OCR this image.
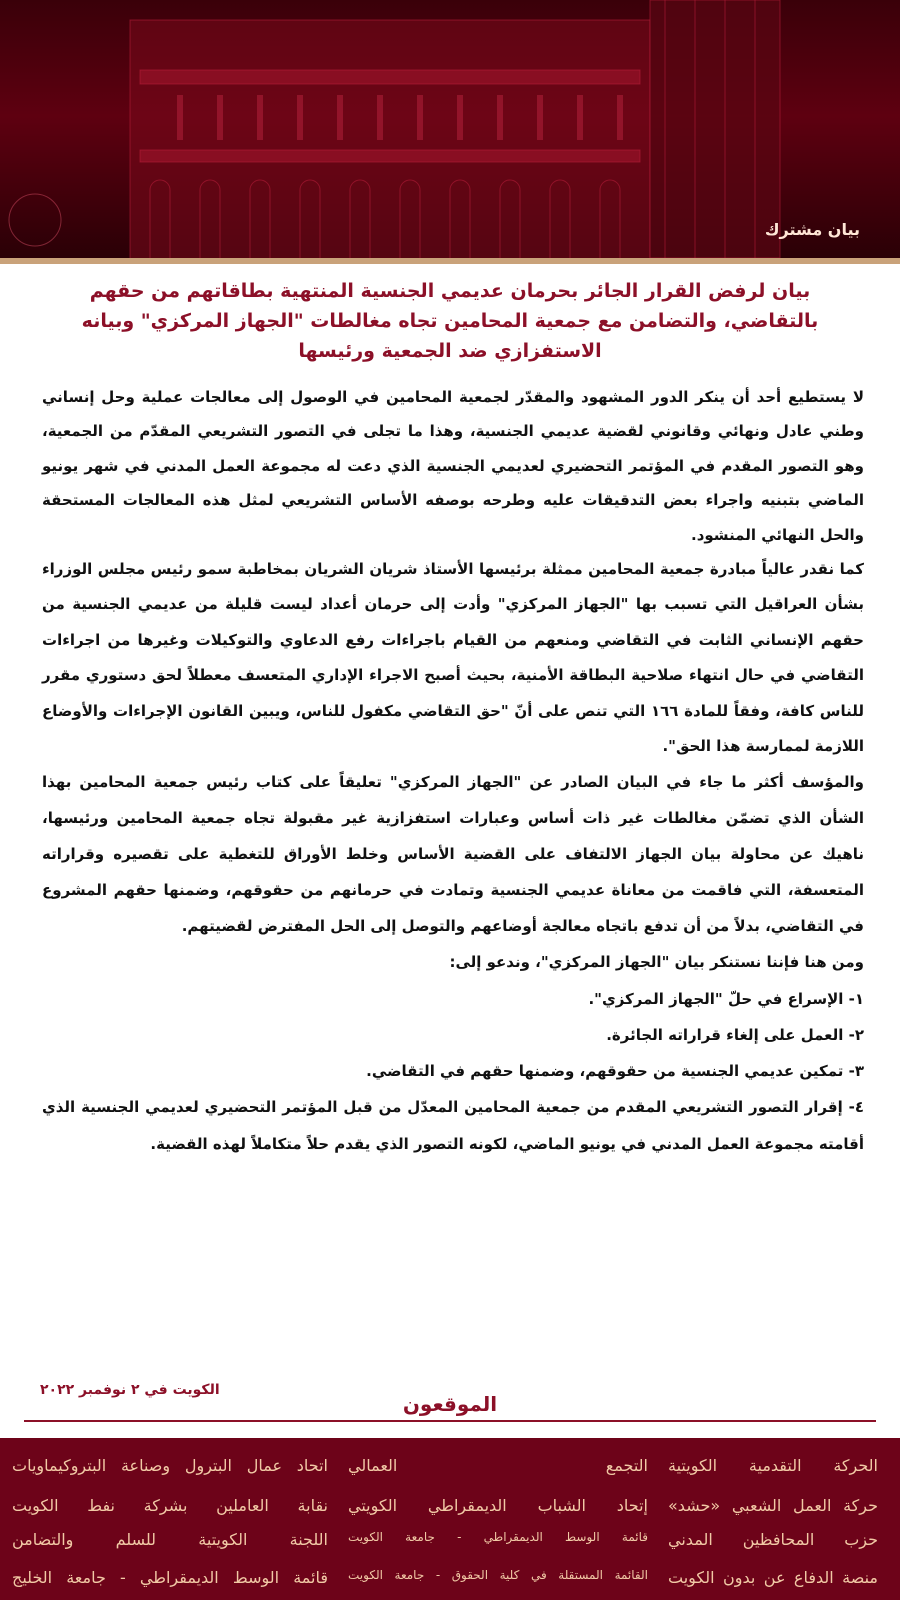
بيان مشترك
بيان لرفض القرار الجائر بحرمان عديمي الجنسية المنتهية بطاقاتهم من حقهم بالتقاضي، والتضامن مع جمعية المحامين تجاه مغالطات "الجهاز المركزي" وبيانه الاستفزازي ضد الجمعية ورئيسها

لا يستطيع أحد أن ينكر الدور المشهود والمقدّر لجمعية المحامين في الوصول إلى معالجات عملية وحل إنساني وطني عادل ونهائي وقانوني لقضية عديمي الجنسية، وهذا ما تجلى في التصور التشريعي المقدّم من الجمعية، وهو التصور المقدم في المؤتمر التحضيري لعديمي الجنسية الذي دعت له مجموعة العمل المدني في شهر يونيو الماضي بتبنيه واجراء بعض التدقيقات عليه وطرحه بوصفه الأساس التشريعي لمثل هذه المعالجات المستحقة والحل النهائي المنشود.

كما نقدر عالياً مبادرة جمعية المحامين ممثلة برئيسها الأستاذ شريان الشريان بمخاطبة سمو رئيس مجلس الوزراء بشأن العراقيل التي تسبب بها "الجهاز المركزي" وأدت إلى حرمان أعداد ليست قليلة من عديمي الجنسية من حقهم الإنساني الثابت في التقاضي ومنعهم من القيام باجراءات رفع الدعاوي والتوكيلات وغيرها من اجراءات التقاضي في حال انتهاء صلاحية البطاقة الأمنية، بحيث أصبح الاجراء الإداري المتعسف معطلاً لحق دستوري مقرر للناس كافة، وفقاً للمادة ١٦٦ التي تنص على أنّ "حق التقاضي مكفول للناس، ويبين القانون الإجراءات والأوضاع اللازمة لممارسة هذا الحق".

والمؤسف أكثر ما جاء في البيان الصادر عن "الجهاز المركزي" تعليقاً على كتاب رئيس جمعية المحامين بهذا الشأن الذي تضمّن مغالطات غير ذات أساس وعبارات استفزازية غير مقبولة تجاه جمعية المحامين ورئيسها، ناهيك عن محاولة بيان الجهاز الالتفاف على القضية الأساس وخلط الأوراق للتغطية على تقصيره وقراراته المتعسفة، التي فاقمت من معاناة عديمي الجنسية وتمادت في حرمانهم من حقوقهم، وضمنها حقهم المشروع في التقاضي، بدلاً من أن تدفع باتجاه معالجة أوضاعهم والتوصل إلى الحل المفترض لقضيتهم.

ومن هنا فإننا نستنكر بيان "الجهاز المركزي"، وندعو إلى:

١- الإسراع في حلّ "الجهاز المركزي".

٢- العمل على إلغاء قراراته الجائرة.

٣- تمكين عديمي الجنسية من حقوقهم، وضمنها حقهم في التقاضي.

٤- إقرار التصور التشريعي المقدم من جمعية المحامين المعدّل من قبل المؤتمر التحضيري لعديمي الجنسية الذي أقامته مجموعة العمل المدني في يونيو الماضي، لكونه التصور الذي يقدم حلاً متكاملاً لهذه القضية.

الكويت في ٢ نوفمبر ٢٠٢٢
الموقعون
الحركة التقدمية الكويتية
التجمع العمالي
اتحاد عمال البترول وصناعة البتروكيماويات
حركة العمل الشعبي «حشد»
إتحاد الشباب الديمقراطي الكويتي
نقابة العاملين بشركة نفط الكويت
حزب المحافظين المدني
قائمة الوسط الديمقراطي - جامعة الكويت
اللجنة الكويتية للسلم والتضامن
منصة الدفاع عن بدون الكويت
القائمة المستقلة في كلية الحقوق - جامعة الكويت
قائمة الوسط الديمقراطي - جامعة الخليج
